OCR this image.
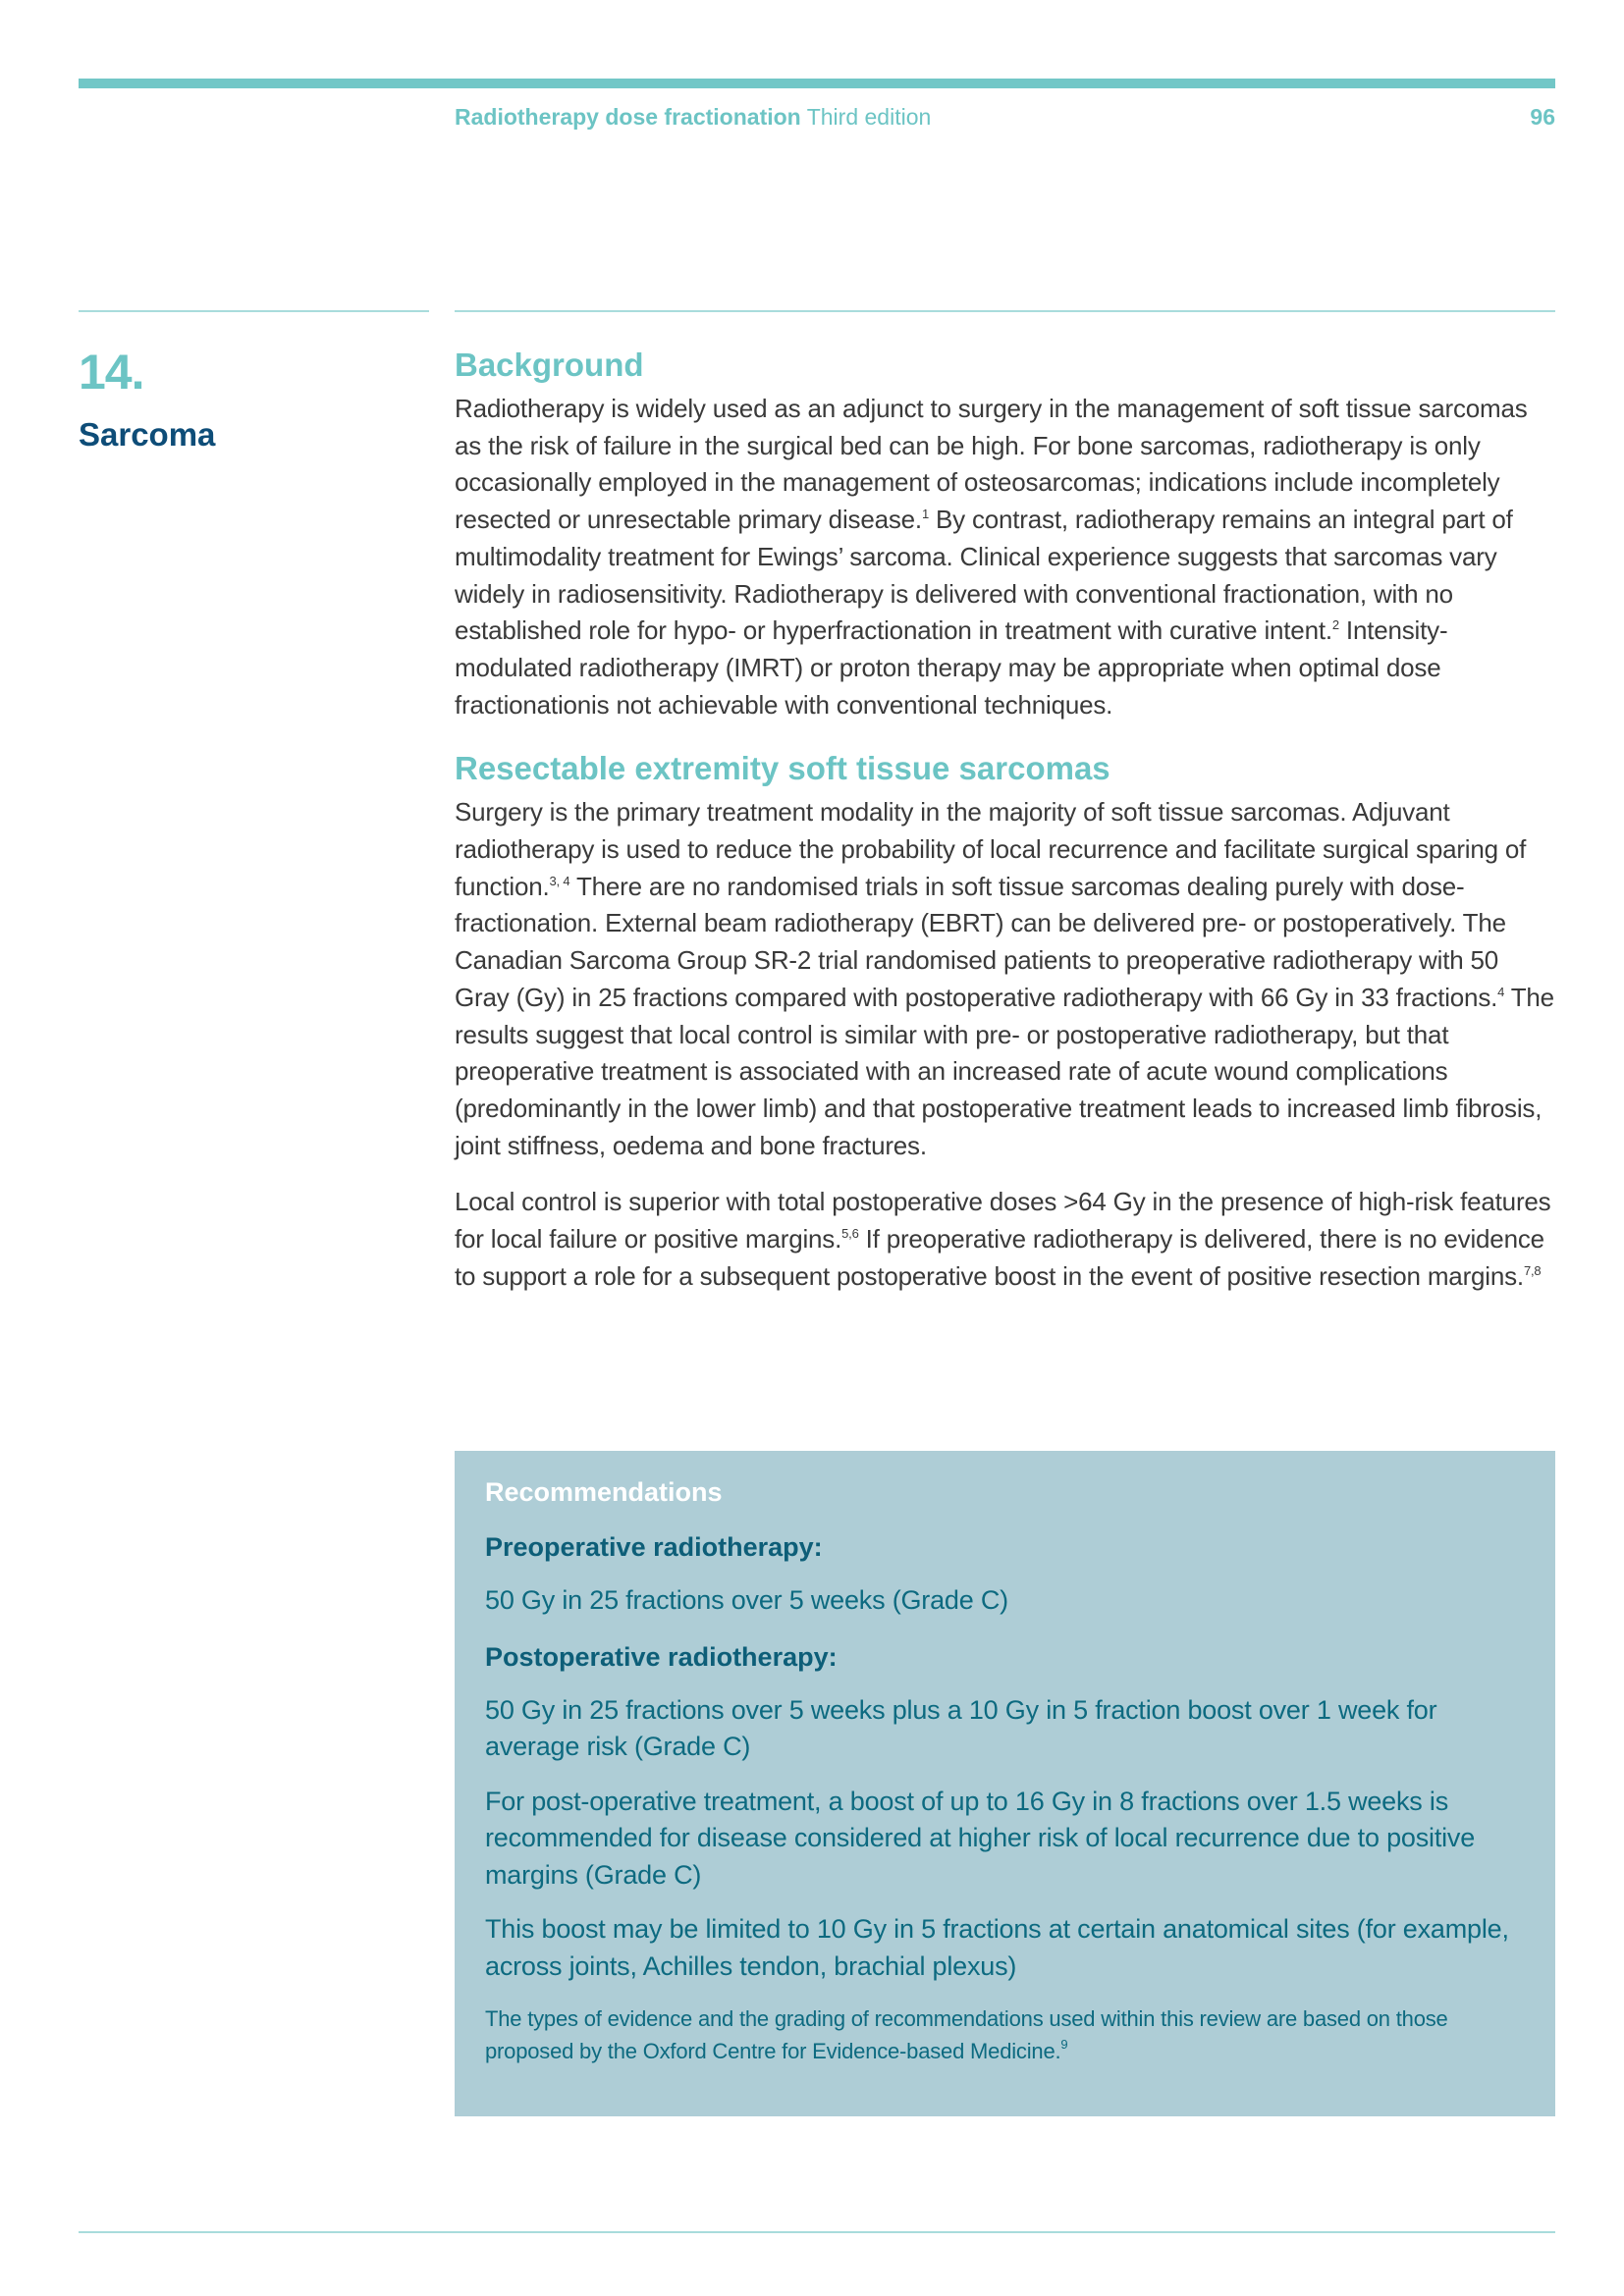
Radiotherapy dose fractionation Third edition	96
14.
Sarcoma
Background

Radiotherapy is widely used as an adjunct to surgery in the management of soft tissue sarcomas as the risk of failure in the surgical bed can be high. For bone sarcomas, radiotherapy is only occasionally employed in the management of osteosarcomas; indications include incompletely resected or unresectable primary disease.$^1$ By contrast, radiotherapy remains an integral part of multimodality treatment for Ewings’ sarcoma. Clinical experience suggests that sarcomas vary widely in radiosensitivity. Radiotherapy is delivered with conventional fractionation, with no established role for hypo- or hyperfractionation in treatment with curative intent.$^2$ Intensity-modulated radiotherapy (IMRT) or proton therapy may be appropriate when optimal dose fractionationis not achievable with conventional techniques.

Resectable extremity soft tissue sarcomas

Surgery is the primary treatment modality in the majority of soft tissue sarcomas. Adjuvant radiotherapy is used to reduce the probability of local recurrence and facilitate surgical sparing of function.$^{3, 4}$ There are no randomised trials in soft tissue sarcomas dealing purely with dose-fractionation. External beam radiotherapy (EBRT) can be delivered pre- or postoperatively. The Canadian Sarcoma Group SR-2 trial randomised patients to preoperative radiotherapy with 50 Gray (Gy) in 25 fractions compared with postoperative radiotherapy with 66 Gy in 33 fractions.$^4$ The results suggest that local control is similar with pre- or postoperative radiotherapy, but that preoperative treatment is associated with an increased rate of acute wound complications (predominantly in the lower limb) and that postoperative treatment leads to increased limb fibrosis, joint stiffness, oedema and bone fractures.

Local control is superior with total postoperative doses >64 Gy in the presence of high-risk features for local failure or positive margins.$^{5,6}$ If preoperative radiotherapy is delivered, there is no evidence to support a role for a subsequent postoperative boost in the event of positive resection margins.$^{7,8}$

Recommendations
Preoperative radiotherapy:

50 Gy in 25 fractions over 5 weeks (Grade C)

Postoperative radiotherapy:

50 Gy in 25 fractions over 5 weeks plus a 10 Gy in 5 fraction boost over 1 week for average risk (Grade C)

For post-operative treatment, a boost of up to 16 Gy in 8 fractions over 1.5 weeks is recommended for disease considered at higher risk of local recurrence due to positive margins (Grade C)

This boost may be limited to 10 Gy in 5 fractions at certain anatomical sites (for example, across joints, Achilles tendon, brachial plexus)

The types of evidence and the grading of recommendations used within this review are based on those proposed by the Oxford Centre for Evidence-based Medicine.$^9$
